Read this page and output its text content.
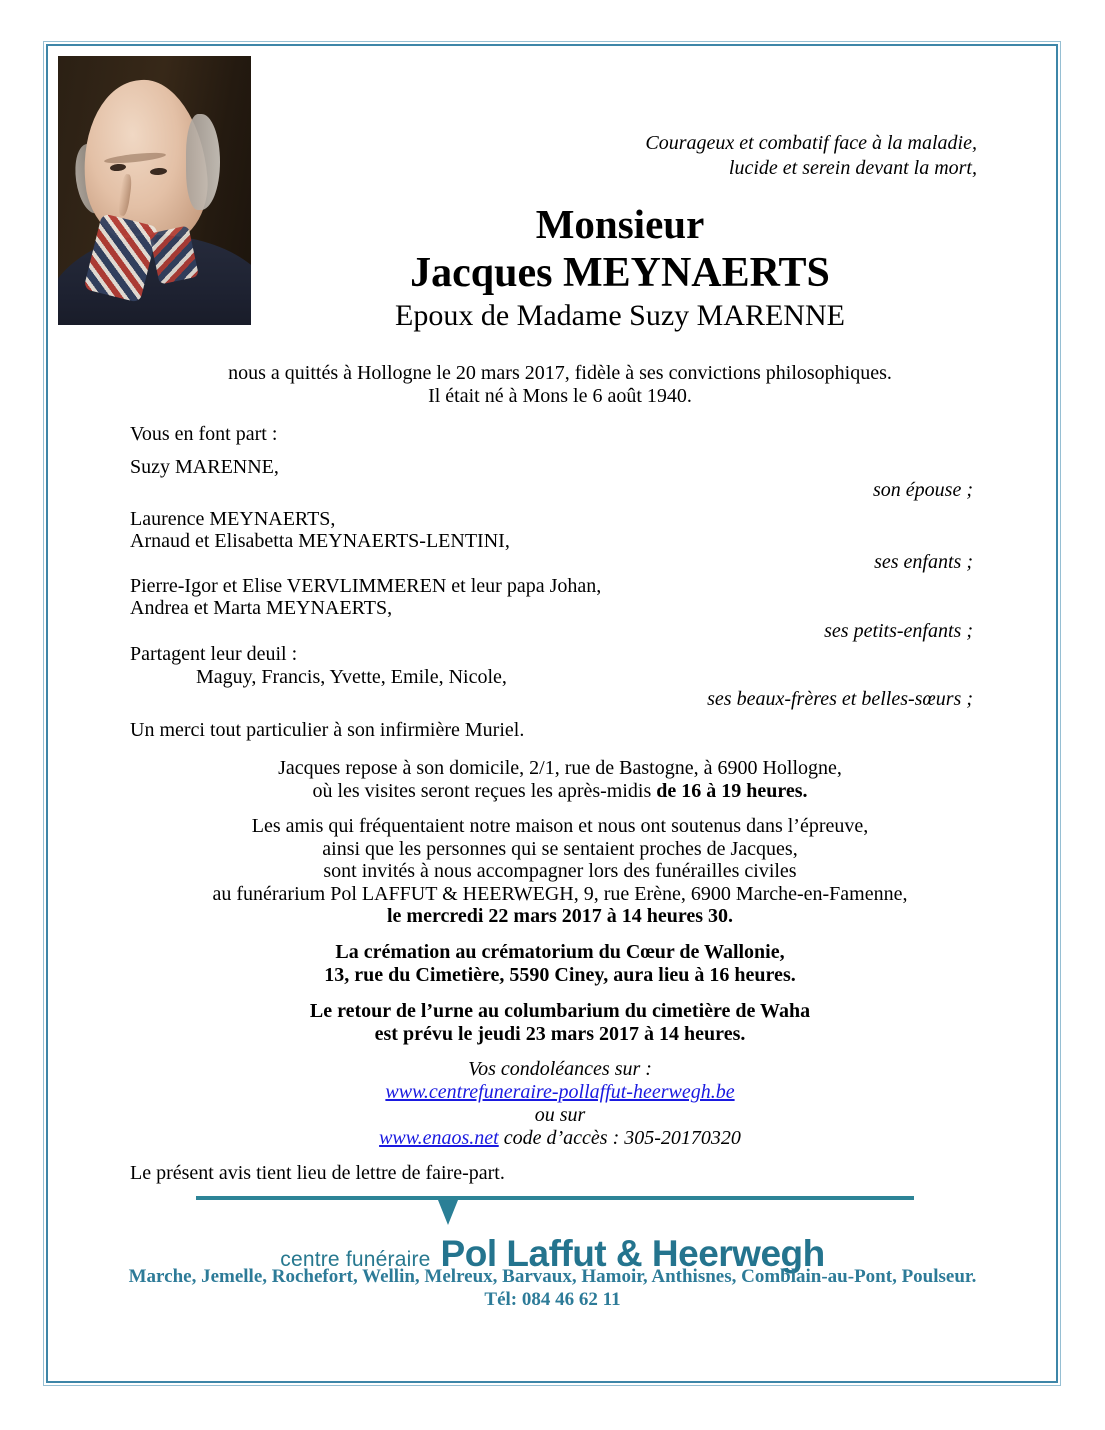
Courageux et combatif face à la maladie,
lucide et serein devant la mort,
Monsieur
Jacques MEYNAERTS
Epoux de Madame Suzy MARENNE
nous a quittés à Hollogne le 20 mars 2017, fidèle à ses convictions philosophiques.
Il était né à Mons le 6 août 1940.
Vous en font part :
Suzy MARENNE,
son épouse ;
Laurence MEYNAERTS,
Arnaud et Elisabetta MEYNAERTS-LENTINI,
ses enfants ;
Pierre-Igor et Elise VERVLIMMEREN et leur papa Johan,
Andrea et Marta MEYNAERTS,
ses petits-enfants ;
Partagent leur deuil :
Maguy, Francis, Yvette, Emile, Nicole,
ses beaux-frères et belles-sœurs ;
Un merci tout particulier à son infirmière Muriel.
Jacques repose à son domicile, 2/1, rue de Bastogne, à 6900 Hollogne,
où les visites seront reçues les après-midis de 16 à 19 heures.
Les amis qui fréquentaient notre maison et nous ont soutenus dans l’épreuve,
ainsi que les personnes qui se sentaient proches de Jacques,
sont invités à nous accompagner lors des funérailles civiles
au funérarium Pol LAFFUT & HEERWEGH, 9, rue Erène, 6900 Marche-en-Famenne,
le mercredi 22 mars 2017 à 14 heures 30.
La crémation au crématorium du Cœur de Wallonie,
13, rue du Cimetière, 5590 Ciney, aura lieu à 16 heures.
Le retour de l’urne au columbarium du cimetière de Waha
est prévu le jeudi 23 mars 2017 à 14 heures.
Vos condoléances sur :
www.centrefuneraire-pollaffut-heerwegh.be
ou sur
www.enaos.net code d’accès : 305-20170320
Le présent avis tient lieu de lettre de faire-part.
centre funéraire Pol Laffut & Heerwegh
Marche, Jemelle, Rochefort, Wellin, Melreux, Barvaux, Hamoir, Anthisnes, Comblain-au-Pont, Poulseur.
Tél: 084 46 62 11
